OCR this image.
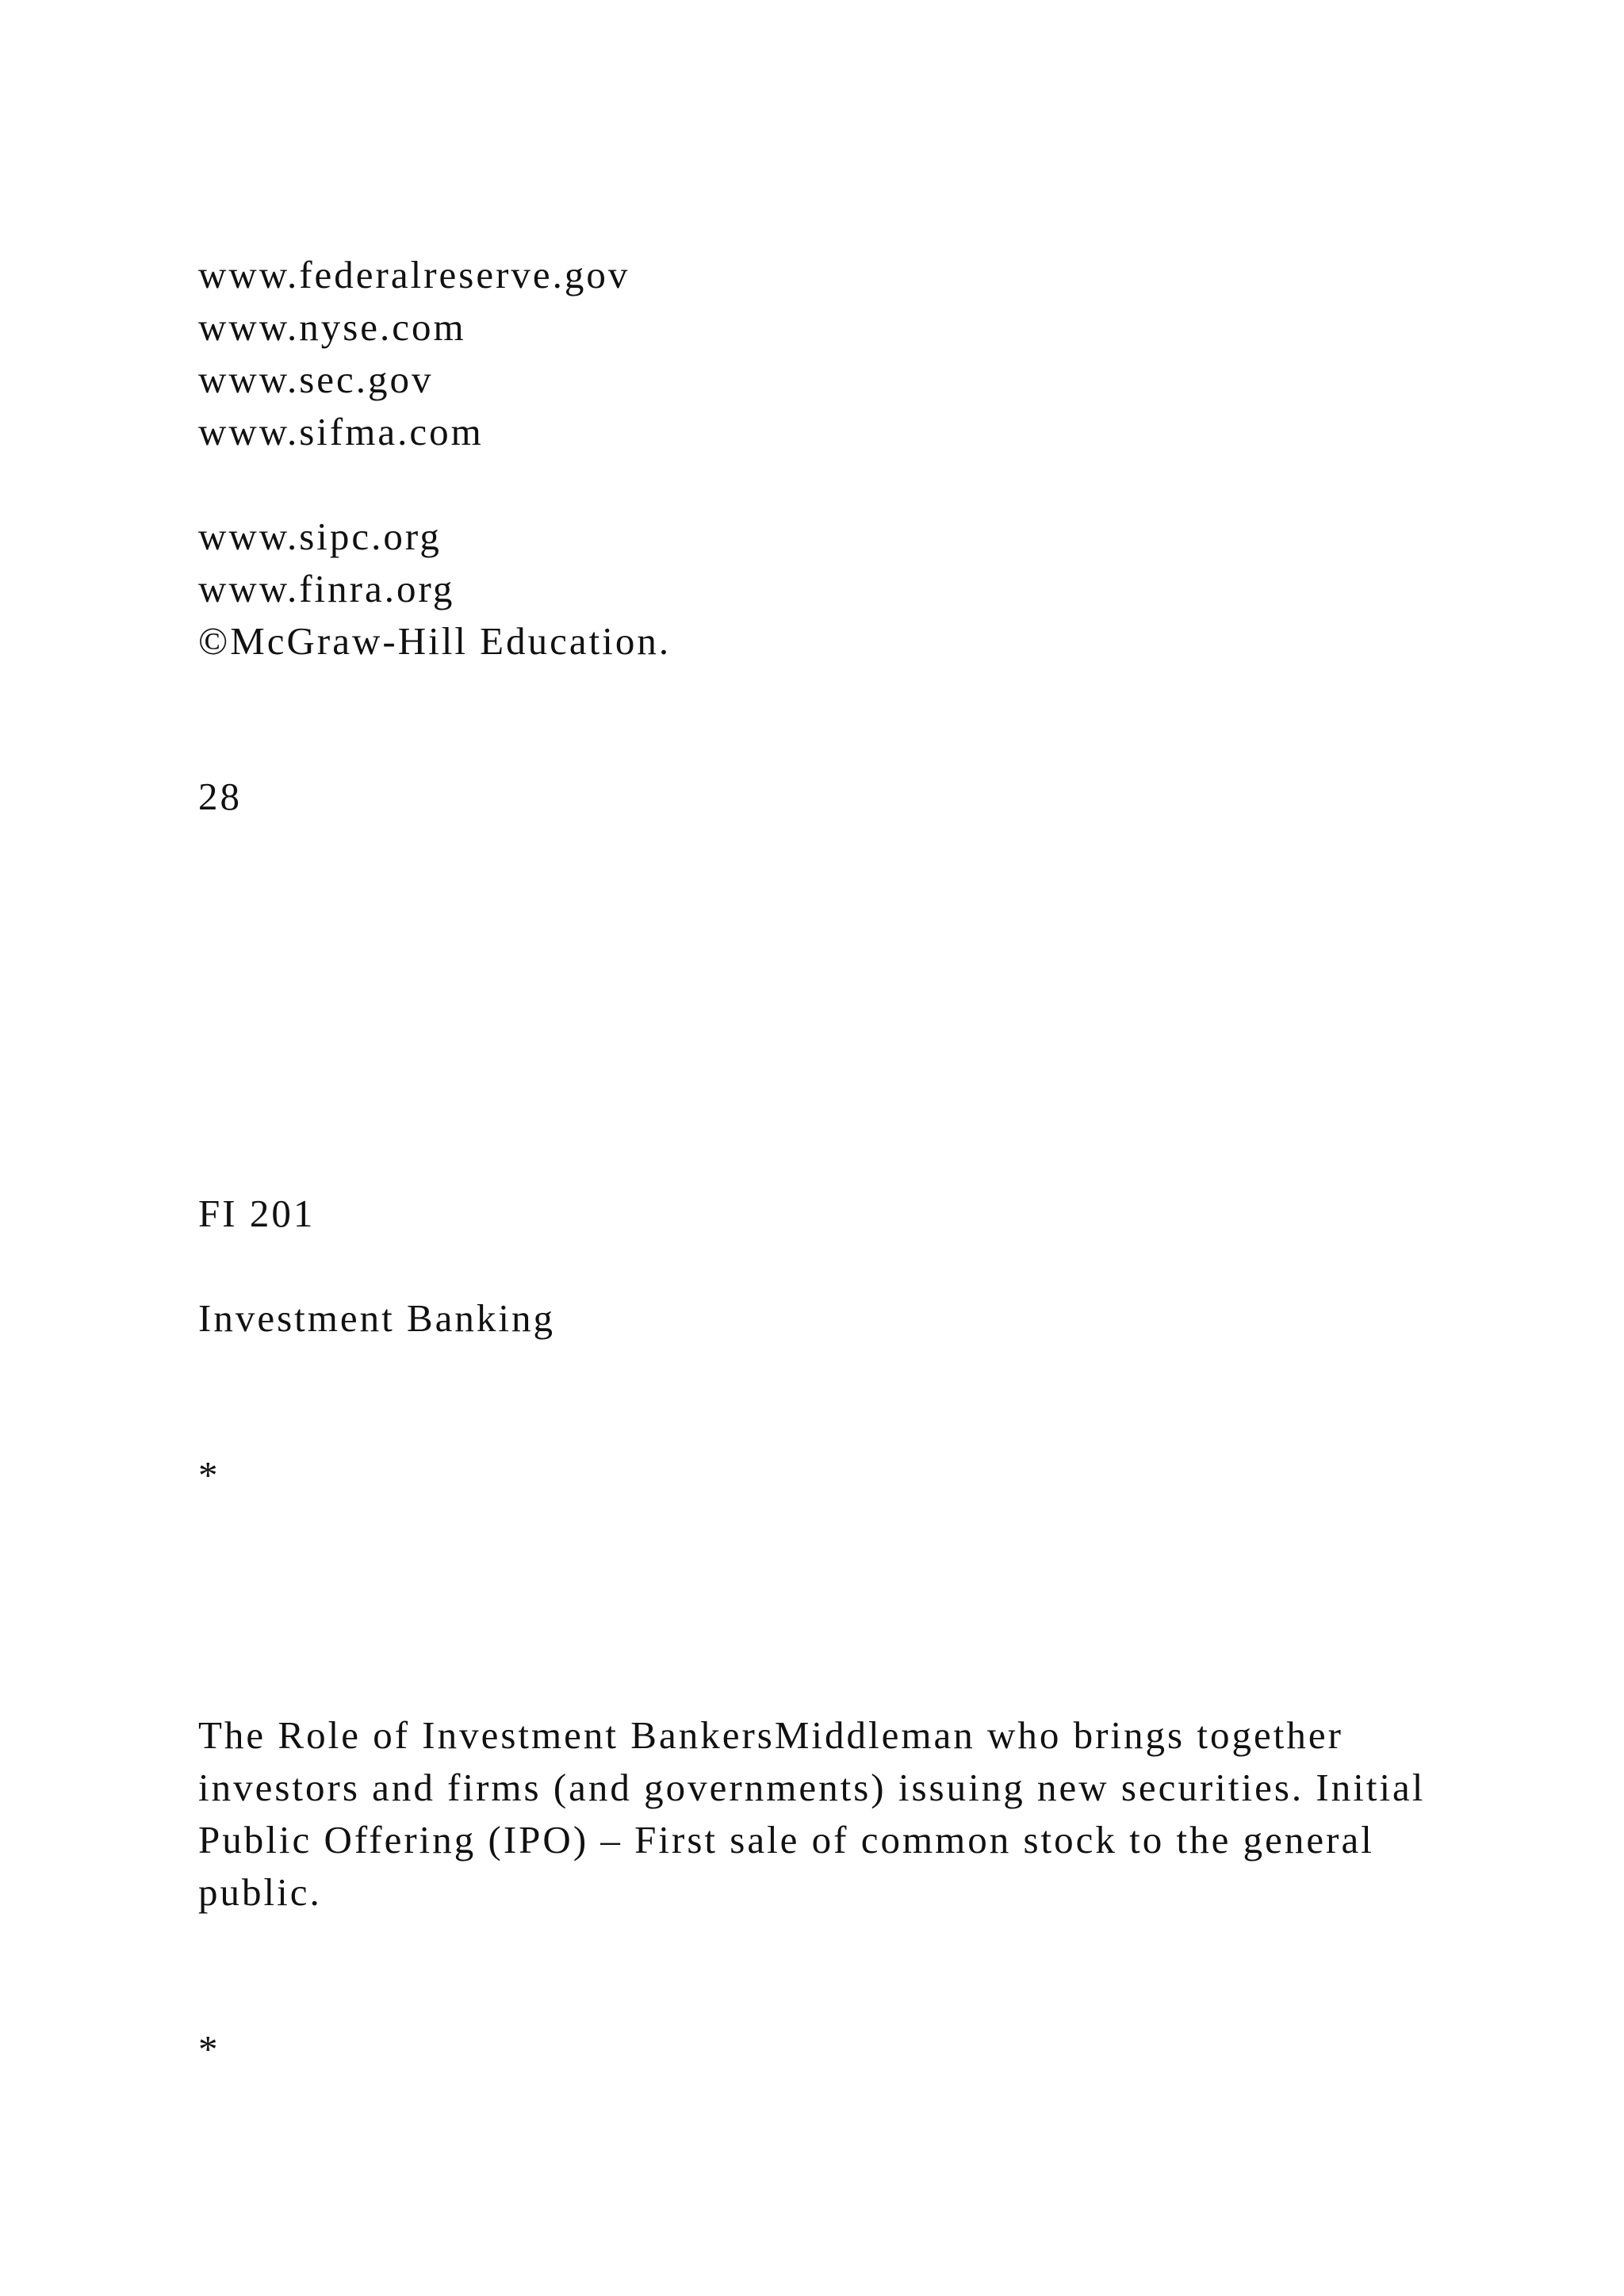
www.federalreserve.gov

www.nyse.com

www.sec.gov

www.sifma.com

www.sipc.org

www.finra.org

©McGraw-Hill Education.

28

FI 201

Investment Banking

*

The Role of Investment BankersMiddleman who brings together investors and firms (and governments) issuing new securities. Initial Public Offering (IPO) – First sale of common stock to the general public.

*
